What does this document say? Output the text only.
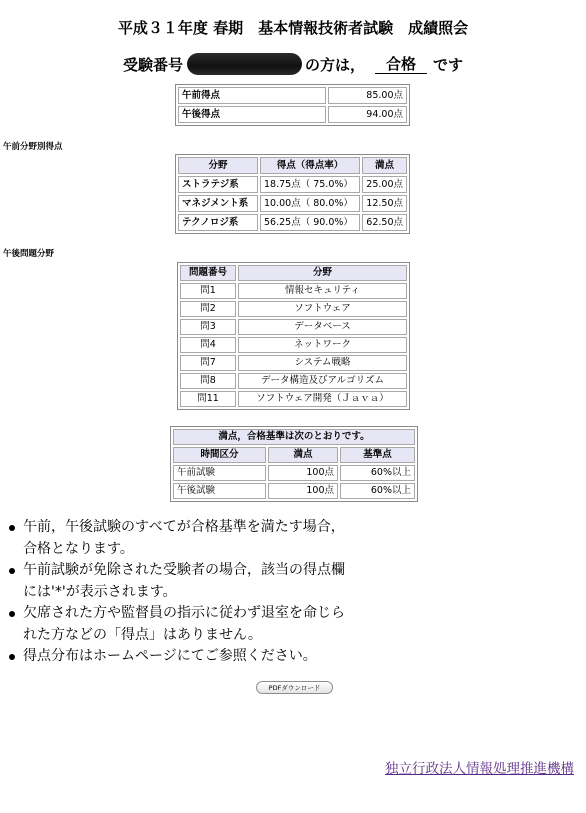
平成３１年度 春期　基本情報技術者試験　成績照会
受験番号	の方は，	合格	です
午前得点	85.00点
午後得点	94.00点
午前分野別得点
分野	得点（得点率）	満点
ストラテジ系	18.75点（ 75.0%）	25.00点
マネジメント系	10.00点（ 80.0%）	12.50点
テクノロジ系	56.25点（ 90.0%）	62.50点
午後問題分野
問題番号	分野
問1	情報セキュリティ
問2	ソフトウェア
問3	データベース
問4	ネットワーク
問7	システム戦略
問8	データ構造及びアルゴリズム
問11	ソフトウェア開発（Ｊａｖａ）
満点，合格基準は次のとおりです。		
時間区分	満点	基準点
午前試験	100点	60%以上
午後試験	100点	60%以上
午前，午後試験のすべてが合格基準を満たす場合，合格となります。
午前試験が免除された受験者の場合，該当の得点欄には'*'が表示されます。
欠席された方や監督員の指示に従わず退室を命じられた方などの「得点」はありません。
得点分布はホームページにてご参照ください。
PDFダウンロード
独立行政法人情報処理推進機構
